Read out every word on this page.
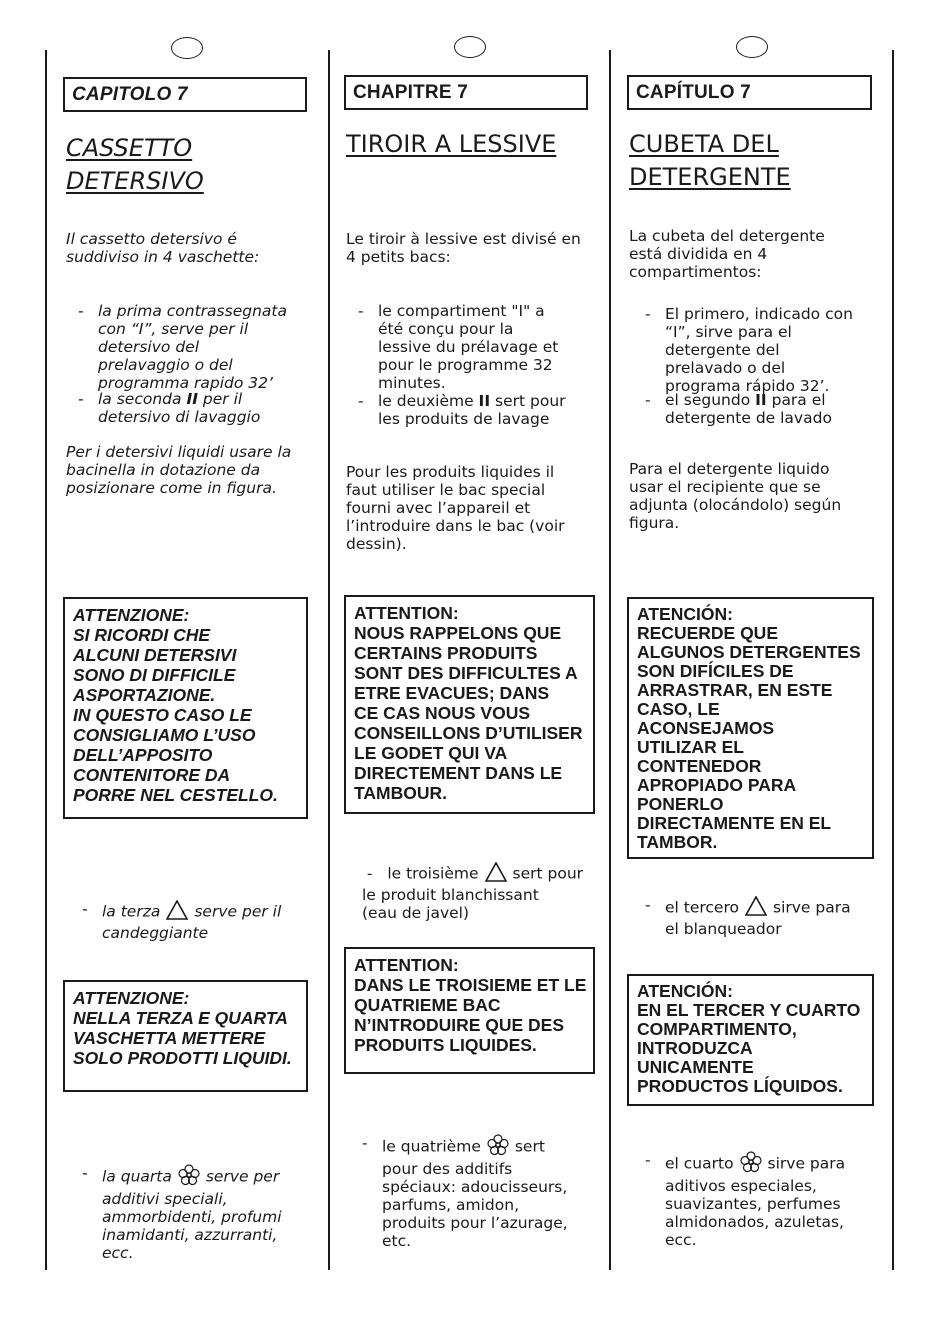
CAPITOLO 7
CASSETTO
DETERSIVO
Il cassetto detersivo é
suddiviso in 4 vaschette:
- la prima contrassegnata
con “I”, serve per il
detersivo del
prelavaggio o del
programma rapido 32’
- la seconda II per il
detersivo di lavaggio
Per i detersivi liquidi usare la
bacinella in dotazione da
posizionare come in figura.
ATTENZIONE:
SI RICORDI CHE
ALCUNI DETERSIVI
SONO DI DIFFICILE
ASPORTAZIONE.
IN QUESTO CASO LE
CONSIGLIAMO L’USO
DELL’APPOSITO
CONTENITORE DA
PORRE NEL CESTELLO.
- la terza serve per il
candeggiante
ATTENZIONE:
NELLA TERZA E QUARTA
VASCHETTA METTERE
SOLO PRODOTTI LIQUIDI.
- la quarta serve per
additivi speciali,
ammorbidenti, profumi
inamidanti, azzurranti,
ecc.
CHAPITRE 7
TIROIR A LESSIVE
Le tiroir à lessive est divisé en
4 petits bacs:
- le compartiment "I" a
été conçu pour la
lessive du prélavage et
pour le programme 32
minutes.
- le deuxième II sert pour
les produits de lavage
Pour les produits liquides il
faut utiliser le bac special
fourni avec l’appareil et
l’introduire dans le bac (voir
dessin).
ATTENTION:
NOUS RAPPELONS QUE
CERTAINS PRODUITS
SONT DES DIFFICULTES A
ETRE EVACUES; DANS
CE CAS NOUS VOUS
CONSEILLONS D’UTILISER
LE GODET QUI VA
DIRECTEMENT DANS LE
TAMBOUR.
-   le troisième sert pour
le produit blanchissant
(eau de javel)
ATTENTION:
DANS LE TROISIEME ET LE
QUATRIEME BAC
N’INTRODUIRE QUE DES
PRODUITS LIQUIDES.
- le quatrième sert
pour des additifs
spéciaux: adoucisseurs,
parfums, amidon,
produits pour l’azurage,
etc.
CAPÍTULO 7
CUBETA DEL
DETERGENTE
La cubeta del detergente
está dividida en 4
compartimentos:
- El primero, indicado con
“I”, sirve para el
detergente del
prelavado o del
programa rápido 32’.
- el segundo II para el
detergente de lavado
Para el detergente liquido
usar el recipiente que se
adjunta (olocándolo) según
figura.
ATENCIÓN:
RECUERDE QUE
ALGUNOS DETERGENTES
SON DIFÍCILES DE
ARRASTRAR, EN ESTE
CASO, LE
ACONSEJAMOS
UTILIZAR EL
CONTENEDOR
APROPIADO PARA
PONERLO
DIRECTAMENTE EN EL
TAMBOR.
- el tercero sirve para
el blanqueador
ATENCIÓN:
EN EL TERCER Y CUARTO
COMPARTIMENTO,
INTRODUZCA
UNICAMENTE
PRODUCTOS LÍQUIDOS.
- el cuarto sirve para
aditivos especiales,
suavizantes, perfumes
almidonados, azuletas,
ecc.
